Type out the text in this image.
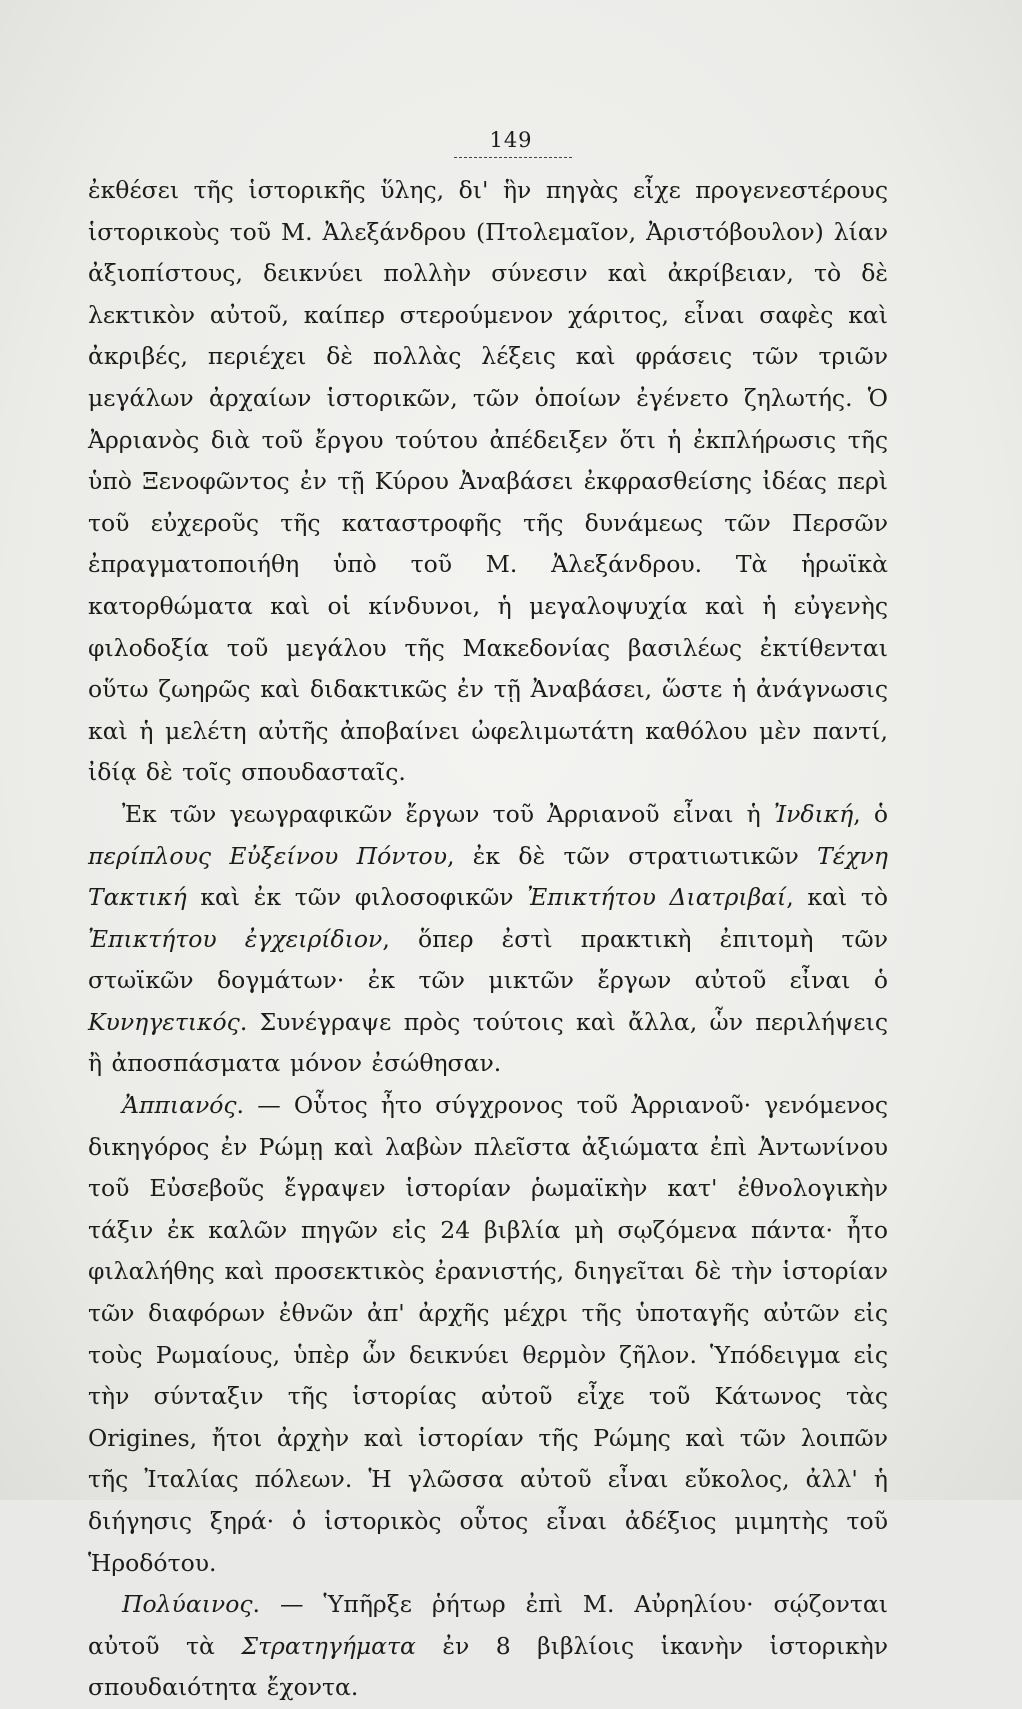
149

ἐκθέσει τῆς ἱστορικῆς ὕλης, δι' ἣν πηγὰς εἶχε προγενεστέρους ἱστορικοὺς τοῦ Μ. Ἀλεξάνδρου (Πτολεμαῖον, Ἀριστόβουλον) λίαν ἀξιοπίστους, δεικνύει πολλὴν σύνεσιν καὶ ἀκρίβειαν, τὸ δὲ λεκτικὸν αὐτοῦ, καίπερ στερούμενον χάριτος, εἶναι σαφὲς καὶ ἀκριβές, περιέχει δὲ πολλὰς λέξεις καὶ φράσεις τῶν τριῶν μεγάλων ἀρχαίων ἱστορικῶν, τῶν ὁποίων ἐγένετο ζηλωτής. Ὁ Ἀρριανὸς διὰ τοῦ ἔργου τούτου ἀπέδειξεν ὅτι ἡ ἐκπλήρωσις τῆς ὑπὸ Ξενοφῶντος ἐν τῇ Κύρου Ἀναβάσει ἐκφρασθείσης ἰδέας περὶ τοῦ εὐχεροῦς τῆς καταστροφῆς τῆς δυνάμεως τῶν Περσῶν ἐπραγματοποιήθη ὑπὸ τοῦ Μ. Ἀλεξάνδρου. Τὰ ἡρωϊκὰ κατορθώματα καὶ οἱ κίνδυνοι, ἡ μεγαλοψυχία καὶ ἡ εὐγενὴς φιλοδοξία τοῦ μεγάλου τῆς Μακεδονίας βασιλέως ἐκτίθενται οὕτω ζωηρῶς καὶ διδακτικῶς ἐν τῇ Ἀναβάσει, ὥστε ἡ ἀνάγνωσις καὶ ἡ μελέτη αὐτῆς ἀποβαίνει ὠφελιμωτάτη καθόλου μὲν παντί, ἰδίᾳ δὲ τοῖς σπουδασταῖς.

Ἐκ τῶν γεωγραφικῶν ἔργων τοῦ Ἀρριανοῦ εἶναι ἡ Ἰνδική, ὁ περίπλους Εὐξείνου Πόντου, ἐκ δὲ τῶν στρατιωτικῶν Τέχνη Τακτική καὶ ἐκ τῶν φιλοσοφικῶν Ἐπικτήτου Διατριβαί, καὶ τὸ Ἐπικτήτου ἐγχειρίδιον, ὅπερ ἐστὶ πρακτικὴ ἐπιτομὴ τῶν στωϊκῶν δογμάτων· ἐκ τῶν μικτῶν ἔργων αὐτοῦ εἶναι ὁ Κυνηγετικός. Συνέγραψε πρὸς τούτοις καὶ ἄλλα, ὧν περιλήψεις ἢ ἀποσπάσματα μόνον ἐσώθησαν.

Ἀππιανός. — Οὗτος ἦτο σύγχρονος τοῦ Ἀρριανοῦ· γενόμενος δικηγόρος ἐν Ρώμῃ καὶ λαβὼν πλεῖστα ἀξιώματα ἐπὶ Ἀντωνίνου τοῦ Εὐσεβοῦς ἔγραψεν ἱστορίαν ῥωμαϊκὴν κατ' ἐθνολογικὴν τάξιν ἐκ καλῶν πηγῶν εἰς 24 βιβλία μὴ σῳζόμενα πάντα· ἦτο φιλαλήθης καὶ προσεκτικὸς ἐρανιστής, διηγεῖται δὲ τὴν ἱστορίαν τῶν διαφόρων ἐθνῶν ἀπ' ἀρχῆς μέχρι τῆς ὑποταγῆς αὐτῶν εἰς τοὺς Ρωμαίους, ὑπὲρ ὧν δεικνύει θερμὸν ζῆλον. Ὑπόδειγμα εἰς τὴν σύνταξιν τῆς ἱστορίας αὐτοῦ εἶχε τοῦ Κάτωνος τὰς Origines, ἤτοι ἀρχὴν καὶ ἱστορίαν τῆς Ρώμης καὶ τῶν λοιπῶν τῆς Ἰταλίας πόλεων. Ἡ γλῶσσα αὐτοῦ εἶναι εὔκολος, ἀλλ' ἡ διήγησις ξηρά· ὁ ἱστορικὸς οὗτος εἶναι ἀδέξιος μιμητὴς τοῦ Ἡροδότου.

Πολύαινος. — Ὑπῆρξε ῥήτωρ ἐπὶ Μ. Αὐρηλίου· σῴζονται αὐτοῦ τὰ Στρατηγήματα ἐν 8 βιβλίοις ἱκανὴν ἱστορικὴν σπουδαιότητα ἔχοντα.
